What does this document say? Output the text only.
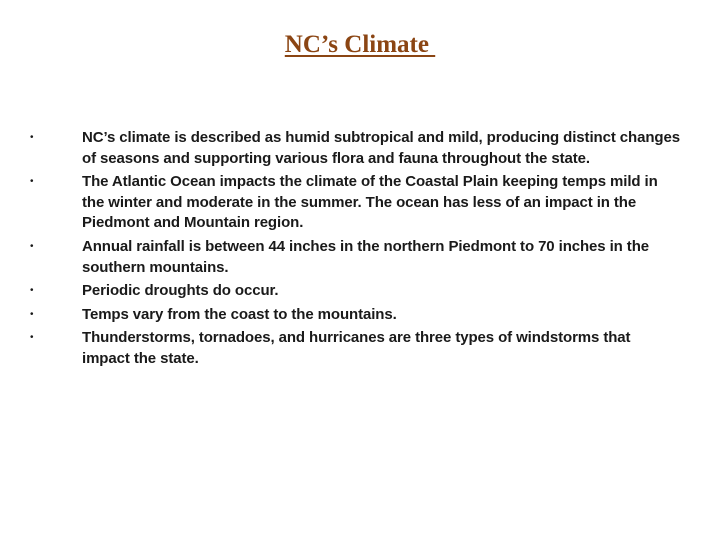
NC’s Climate
•	NC’s climate is described as humid subtropical and mild, producing distinct changes of seasons and supporting various flora and fauna throughout the state.
•	The Atlantic Ocean impacts the climate of the Coastal Plain keeping temps mild in the winter and moderate in the summer. The ocean has less of an impact in the Piedmont and Mountain region.
•	Annual rainfall is between 44 inches in the northern Piedmont to 70 inches in the southern mountains.
•	Periodic droughts do occur.
•	Temps vary from the coast to the mountains.
•	Thunderstorms, tornadoes, and hurricanes are three types of windstorms that impact the state.
